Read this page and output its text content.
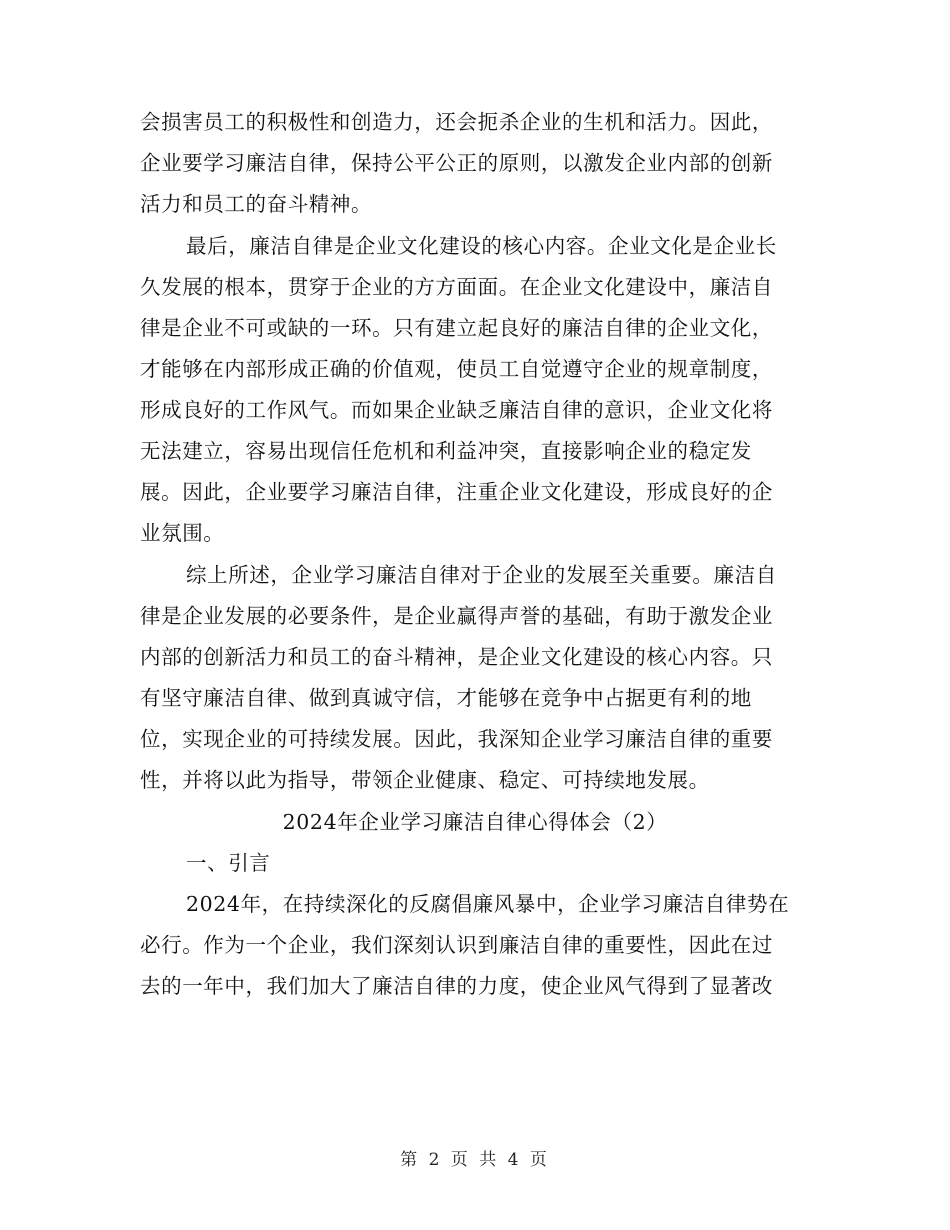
会损害员工的积极性和创造力，还会扼杀企业的生机和活力。因此，
企业要学习廉洁自律，保持公平公正的原则，以激发企业内部的创新
活力和员工的奋斗精神。
最后，廉洁自律是企业文化建设的核心内容。企业文化是企业长
久发展的根本，贯穿于企业的方方面面。在企业文化建设中，廉洁自
律是企业不可或缺的一环。只有建立起良好的廉洁自律的企业文化，
才能够在内部形成正确的价值观，使员工自觉遵守企业的规章制度，
形成良好的工作风气。而如果企业缺乏廉洁自律的意识，企业文化将
无法建立，容易出现信任危机和利益冲突，直接影响企业的稳定发
展。因此，企业要学习廉洁自律，注重企业文化建设，形成良好的企
业氛围。
综上所述，企业学习廉洁自律对于企业的发展至关重要。廉洁自
律是企业发展的必要条件，是企业赢得声誉的基础，有助于激发企业
内部的创新活力和员工的奋斗精神，是企业文化建设的核心内容。只
有坚守廉洁自律、做到真诚守信，才能够在竞争中占据更有利的地
位，实现企业的可持续发展。因此，我深知企业学习廉洁自律的重要
性，并将以此为指导，带领企业健康、稳定、可持续地发展。
2024年企业学习廉洁自律心得体会（2）
一、引言
2024年，在持续深化的反腐倡廉风暴中，企业学习廉洁自律势在
必行。作为一个企业，我们深刻认识到廉洁自律的重要性，因此在过
去的一年中，我们加大了廉洁自律的力度，使企业风气得到了显著改
第 2 页 共 4 页
